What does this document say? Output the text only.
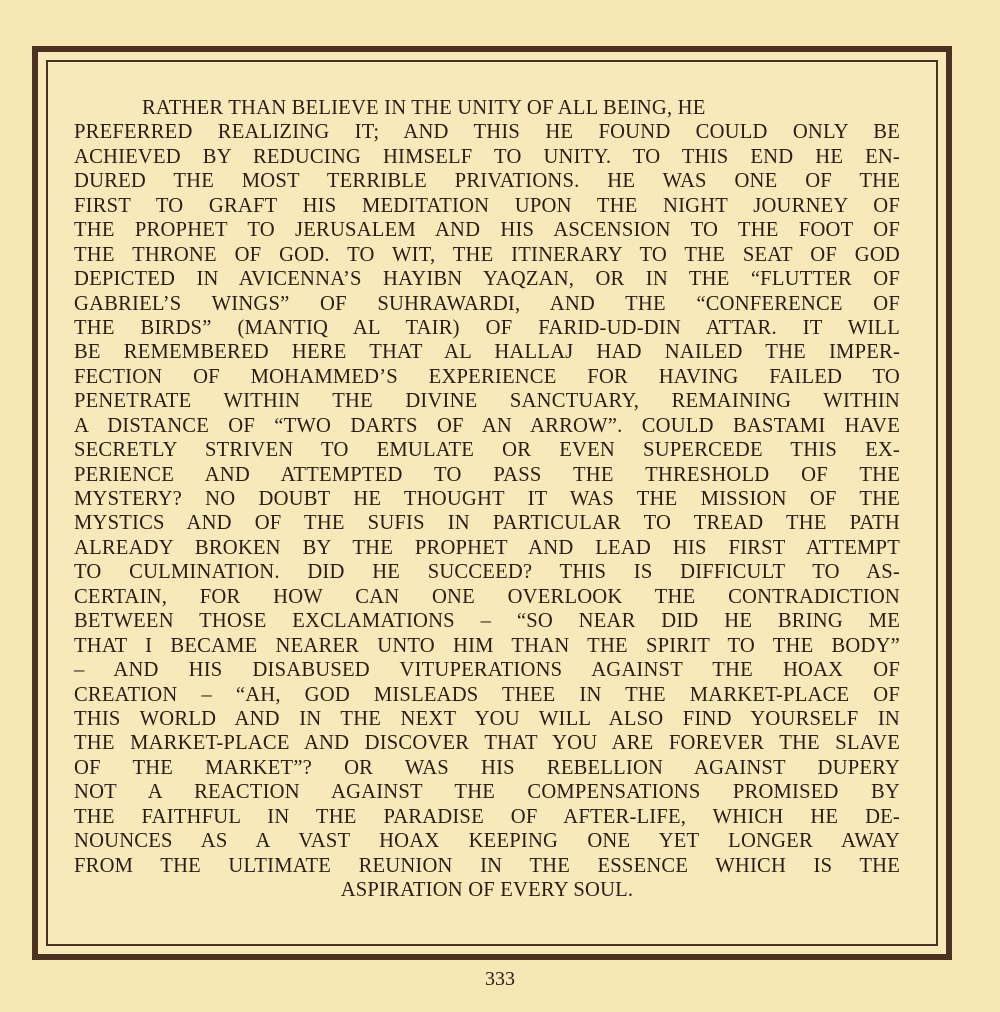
RATHER THAN BELIEVE IN THE UNITY OF ALL BEING, HE
PREFERRED REALIZING IT; AND THIS HE FOUND COULD ONLY BE
ACHIEVED BY REDUCING HIMSELF TO UNITY. TO THIS END HE EN-
DURED THE MOST TERRIBLE PRIVATIONS. HE WAS ONE OF THE
FIRST TO GRAFT HIS MEDITATION UPON THE NIGHT JOURNEY OF
THE PROPHET TO JERUSALEM AND HIS ASCENSION TO THE FOOT OF
THE THRONE OF GOD. TO WIT, THE ITINERARY TO THE SEAT OF GOD
DEPICTED IN AVICENNA’S HAYIBN YAQZAN, OR IN THE “FLUTTER OF
GABRIEL’S WINGS” OF SUHRAWARDI, AND THE “CONFERENCE OF
THE BIRDS” (MANTIQ AL TAIR) OF FARID-UD-DIN ATTAR. IT WILL
BE REMEMBERED HERE THAT AL HALLAJ HAD NAILED THE IMPER-
FECTION OF MOHAMMED’S EXPERIENCE FOR HAVING FAILED TO
PENETRATE WITHIN THE DIVINE SANCTUARY, REMAINING WITHIN
A DISTANCE OF “TWO DARTS OF AN ARROW”. COULD BASTAMI HAVE
SECRETLY STRIVEN TO EMULATE OR EVEN SUPERCEDE THIS EX-
PERIENCE AND ATTEMPTED TO PASS THE THRESHOLD OF THE
MYSTERY? NO DOUBT HE THOUGHT IT WAS THE MISSION OF THE
MYSTICS AND OF THE SUFIS IN PARTICULAR TO TREAD THE PATH
ALREADY BROKEN BY THE PROPHET AND LEAD HIS FIRST ATTEMPT
TO CULMINATION. DID HE SUCCEED? THIS IS DIFFICULT TO AS-
CERTAIN, FOR HOW CAN ONE OVERLOOK THE CONTRADICTION
BETWEEN THOSE EXCLAMATIONS – “SO NEAR DID HE BRING ME
THAT I BECAME NEARER UNTO HIM THAN THE SPIRIT TO THE BODY”
– AND HIS DISABUSED VITUPERATIONS AGAINST THE HOAX OF
CREATION – “AH, GOD MISLEADS THEE IN THE MARKET-PLACE OF
THIS WORLD AND IN THE NEXT YOU WILL ALSO FIND YOURSELF IN
THE MARKET-PLACE AND DISCOVER THAT YOU ARE FOREVER THE SLAVE
OF THE MARKET”? OR WAS HIS REBELLION AGAINST DUPERY
NOT A REACTION AGAINST THE COMPENSATIONS PROMISED BY
THE FAITHFUL IN THE PARADISE OF AFTER-LIFE, WHICH HE DE-
NOUNCES AS A VAST HOAX KEEPING ONE YET LONGER AWAY
FROM THE ULTIMATE REUNION IN THE ESSENCE WHICH IS THE
ASPIRATION OF EVERY SOUL.
333
